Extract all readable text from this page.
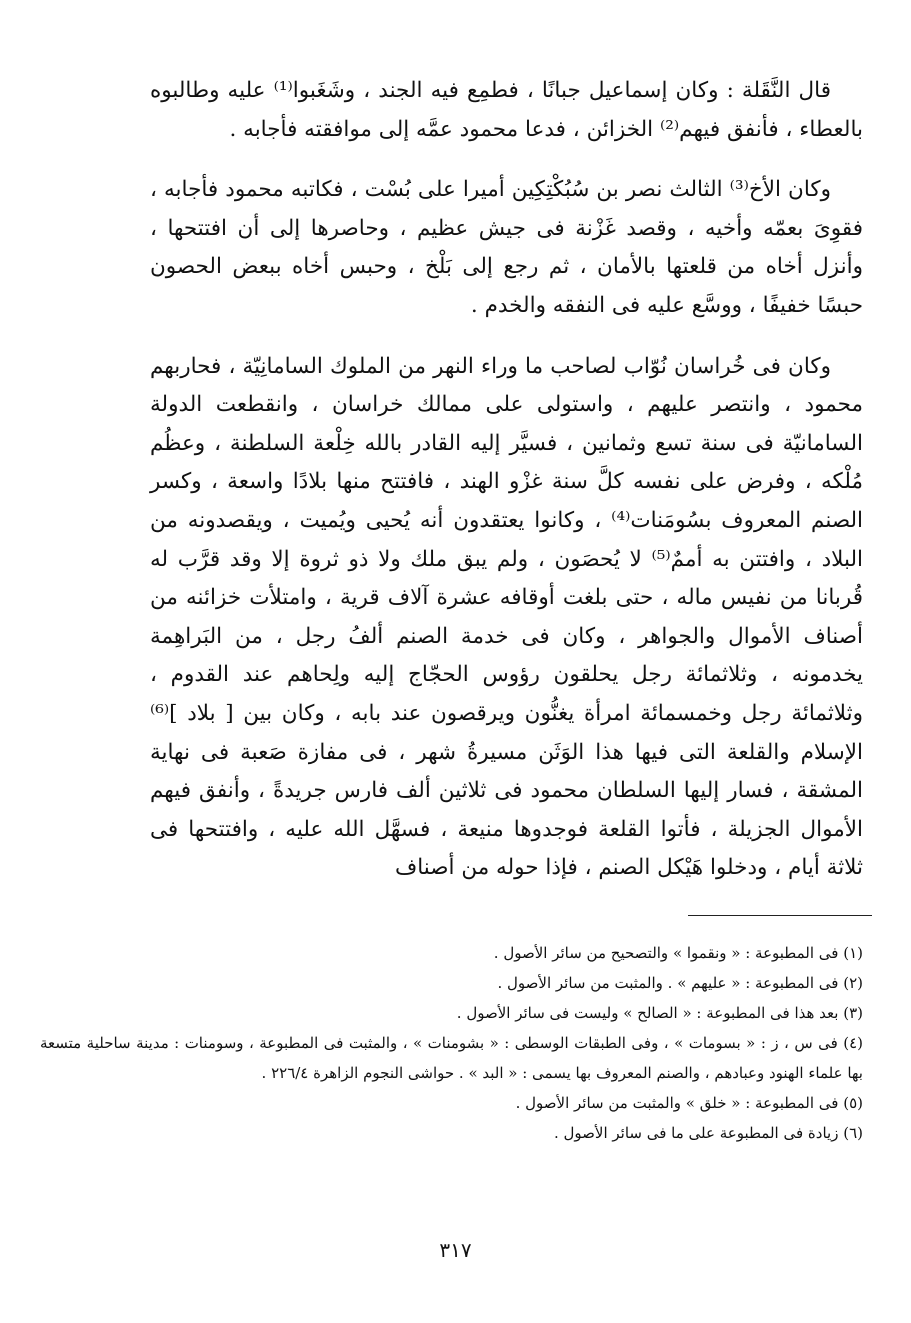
قال النَّقَلة : وكان إسماعيل جبانًا ، فطمِع فيه الجند ، وشَغَبوا⁽¹⁾ عليه وطالبوه بالعطاء ، فأنفق فيهم⁽²⁾ الخزائن ، فدعا محمود عمَّه إلى موافقته فأجابه .

وكان الأخ⁽³⁾ الثالث نصر بن سُبُكْتِكِين أميرا على بُسْت ، فكاتبه محمود فأجابه ، فقوِىَ بعمّه وأخيه ، وقصد غَزْنة فى جيش عظيم ، وحاصرها إلى أن افتتحها ، وأنزل أخاه من قلعتها بالأمان ، ثم رجع إلى بَلْخ ، وحبس أخاه ببعض الحصون حبسًا خفيفًا ، ووسَّع عليه فى النفقه والخدم .

وكان فى خُراسان نُوّاب لصاحب ما وراء النهر من الملوك السامانِيّة ، فحاربهم محمود ، وانتصر عليهم ، واستولى على ممالك خراسان ، وانقطعت الدولة السامانيّة فى سنة تسع وثمانين ، فسيَّر إليه القادر بالله خِلْعة السلطنة ، وعظُم مُلْكه ، وفرض على نفسه كلَّ سنة غزْو الهند ، فافتتح منها بلادًا واسعة ، وكسر الصنم المعروف بسُومَنات⁽⁴⁾ ، وكانوا يعتقدون أنه يُحيى ويُميت ، ويقصدونه من البلاد ، وافتتن به أممٌ⁽⁵⁾ لا يُحصَون ، ولم يبق ملك ولا ذو ثروة إلا وقد قرَّب له قُربانا من نفيس ماله ، حتى بلغت أوقافه عشرة آلاف قرية ، وامتلأت خزائنه من أصناف الأموال والجواهر ، وكان فى خدمة الصنم ألفُ رجل ، من البَراهِمة يخدمونه ، وثلاثمائة رجل يحلقون رؤوس الحجّاج إليه ولِحاهم عند القدوم ، وثلاثمائة رجل وخمسمائة امرأة يغنُّون ويرقصون عند بابه ، وكان بين [ بلاد ]⁽⁶⁾ الإسلام والقلعة التى فيها هذا الوَثَن مسيرةُ شهر ، فى مفازة صَعبة فى نهاية المشقة ، فسار إليها السلطان محمود فى ثلاثين ألف فارس جريدةً ، وأنفق فيهم الأموال الجزيلة ، فأتوا القلعة فوجدوها منيعة ، فسهَّل الله عليه ، وافتتحها فى ثلاثة أيام ، ودخلوا هَيْكل الصنم ، فإذا حوله من أصناف

(١) فى المطبوعة : « ونقموا » والتصحيح من سائر الأصول .

(٢) فى المطبوعة : « عليهم » . والمثبت من سائر الأصول .

(٣) بعد هذا فى المطبوعة : « الصالح » وليست فى سائر الأصول .

(٤) فى س ، ز : « بسومات » ، وفى الطبقات الوسطى : « بشومنات » ، والمثبت فى المطبوعة ، وسومنات : مدينة ساحلية متسعة بها علماء الهنود وعبادهم ، والصنم المعروف بها يسمى : « البد » . حواشى النجوم الزاهرة ٢٢٦/٤ .

(٥) فى المطبوعة : « خلق » والمثبت من سائر الأصول .

(٦) زيادة فى المطبوعة على ما فى سائر الأصول .

٣١٧
